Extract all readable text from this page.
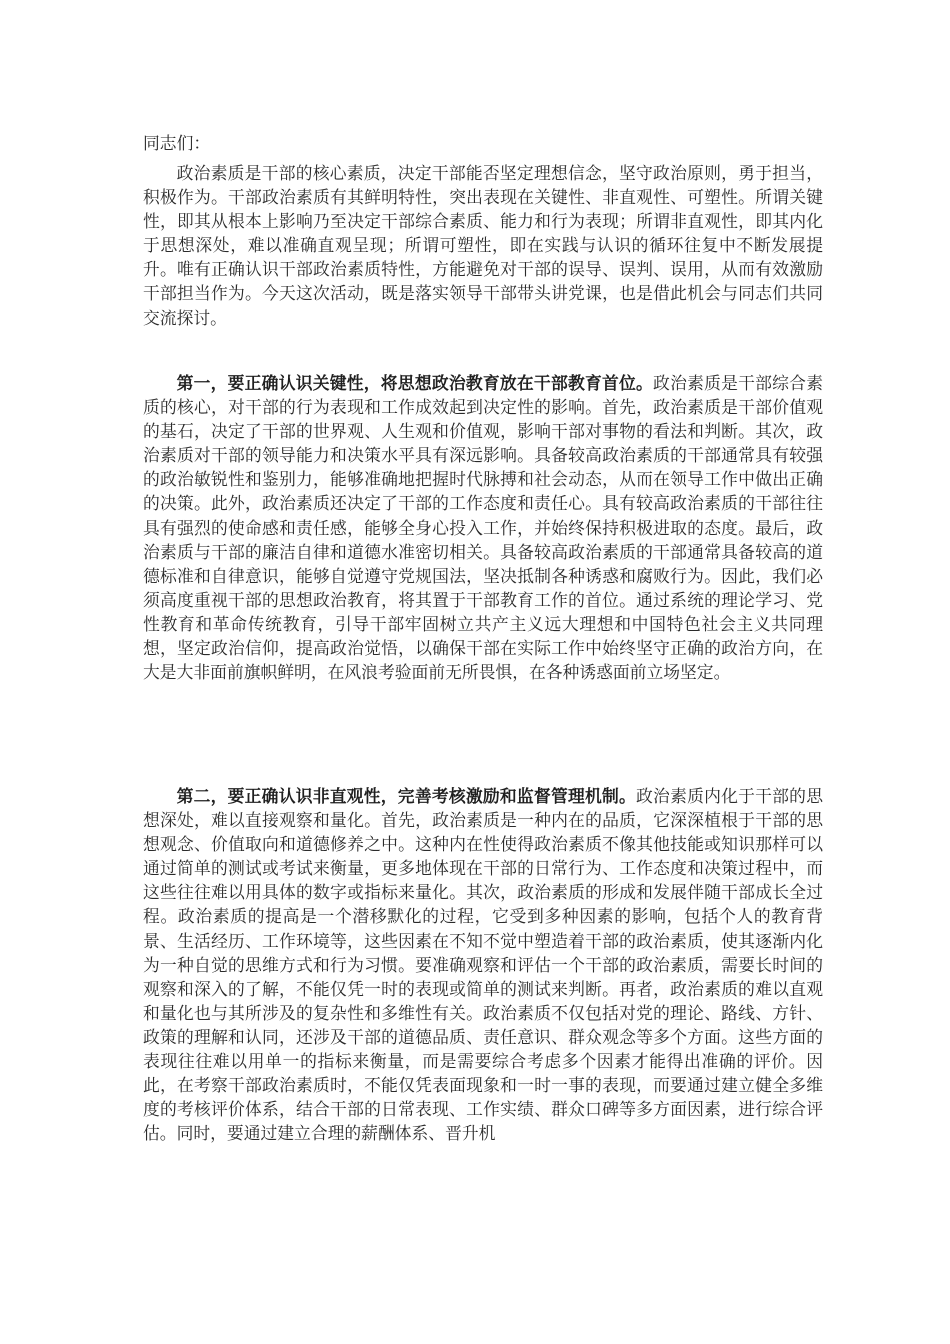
同志们：

政治素质是干部的核心素质，决定干部能否坚定理想信念，坚守政治原则，勇于担当，积极作为。干部政治素质有其鲜明特性，突出表现在关键性、非直观性、可塑性。所谓关键性，即其从根本上影响乃至决定干部综合素质、能力和行为表现；所谓非直观性，即其内化于思想深处，难以准确直观呈现；所谓可塑性，即在实践与认识的循环往复中不断发展提升。唯有正确认识干部政治素质特性，方能避免对干部的误导、误判、误用，从而有效激励干部担当作为。今天这次活动，既是落实领导干部带头讲党课，也是借此机会与同志们共同交流探讨。

第一，要正确认识关键性，将思想政治教育放在干部教育首位。政治素质是干部综合素质的核心，对干部的行为表现和工作成效起到决定性的影响。首先，政治素质是干部价值观的基石，决定了干部的世界观、人生观和价值观，影响干部对事物的看法和判断。其次，政治素质对干部的领导能力和决策水平具有深远影响。具备较高政治素质的干部通常具有较强的政治敏锐性和鉴别力，能够准确地把握时代脉搏和社会动态，从而在领导工作中做出正确的决策。此外，政治素质还决定了干部的工作态度和责任心。具有较高政治素质的干部往往具有强烈的使命感和责任感，能够全身心投入工作，并始终保持积极进取的态度。最后，政治素质与干部的廉洁自律和道德水准密切相关。具备较高政治素质的干部通常具备较高的道德标准和自律意识，能够自觉遵守党规国法，坚决抵制各种诱惑和腐败行为。因此，我们必须高度重视干部的思想政治教育，将其置于干部教育工作的首位。通过系统的理论学习、党性教育和革命传统教育，引导干部牢固树立共产主义远大理想和中国特色社会主义共同理想，坚定政治信仰，提高政治觉悟，以确保干部在实际工作中始终坚守正确的政治方向，在大是大非面前旗帜鲜明，在风浪考验面前无所畏惧，在各种诱惑面前立场坚定。

第二，要正确认识非直观性，完善考核激励和监督管理机制。政治素质内化于干部的思想深处，难以直接观察和量化。首先，政治素质是一种内在的品质，它深深植根于干部的思想观念、价值取向和道德修养之中。这种内在性使得政治素质不像其他技能或知识那样可以通过简单的测试或考试来衡量，更多地体现在干部的日常行为、工作态度和决策过程中，而这些往往难以用具体的数字或指标来量化。其次，政治素质的形成和发展伴随干部成长全过程。政治素质的提高是一个潜移默化的过程，它受到多种因素的影响，包括个人的教育背景、生活经历、工作环境等，这些因素在不知不觉中塑造着干部的政治素质，使其逐渐内化为一种自觉的思维方式和行为习惯。要准确观察和评估一个干部的政治素质，需要长时间的观察和深入的了解，不能仅凭一时的表现或简单的测试来判断。再者，政治素质的难以直观和量化也与其所涉及的复杂性和多维性有关。政治素质不仅包括对党的理论、路线、方针、政策的理解和认同，还涉及干部的道德品质、责任意识、群众观念等多个方面。这些方面的表现往往难以用单一的指标来衡量，而是需要综合考虑多个因素才能得出准确的评价。因此，在考察干部政治素质时，不能仅凭表面现象和一时一事的表现，而要通过建立健全多维度的考核评价体系，结合干部的日常表现、工作实绩、群众口碑等多方面因素，进行综合评估。同时，要通过建立合理的薪酬体系、晋升机
